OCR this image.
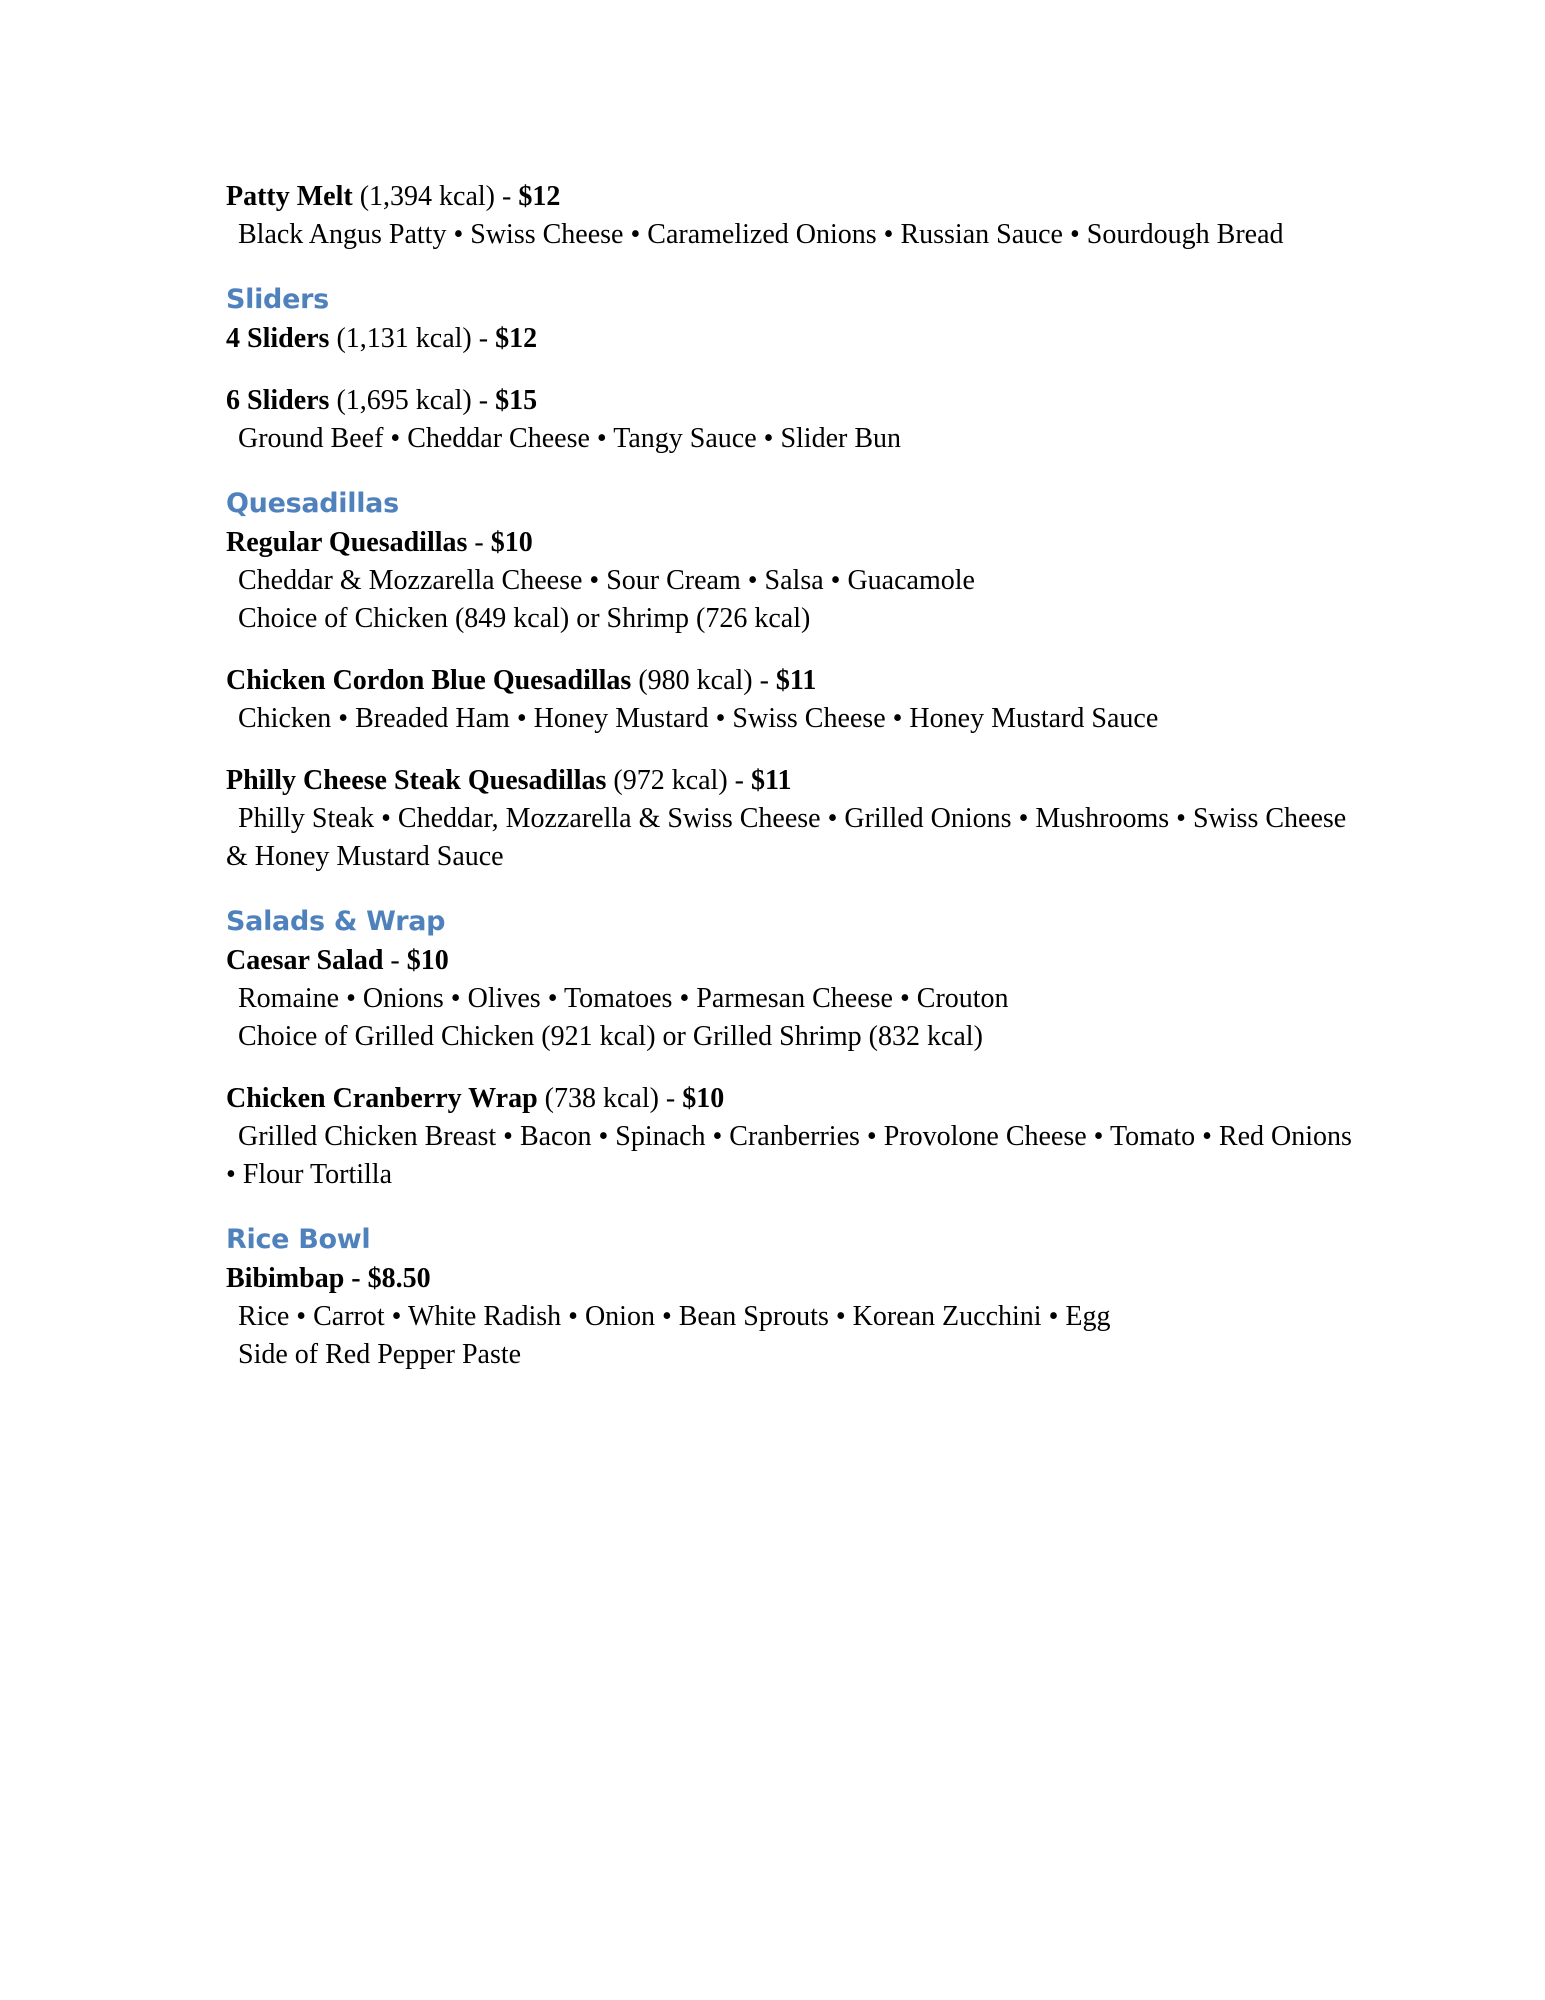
Patty Melt (1,394 kcal) - $12

Black Angus Patty • Swiss Cheese • Caramelized Onions • Russian Sauce • Sourdough Bread

Sliders

4 Sliders (1,131 kcal) - $12

6 Sliders (1,695 kcal) - $15

Ground Beef • Cheddar Cheese • Tangy Sauce • Slider Bun

Quesadillas

Regular Quesadillas - $10

Cheddar & Mozzarella Cheese • Sour Cream • Salsa • Guacamole

Choice of Chicken (849 kcal) or Shrimp (726 kcal)

Chicken Cordon Blue Quesadillas (980 kcal) - $11

Chicken • Breaded Ham • Honey Mustard • Swiss Cheese • Honey Mustard Sauce

Philly Cheese Steak Quesadillas (972 kcal) - $11

Philly Steak • Cheddar, Mozzarella & Swiss Cheese • Grilled Onions • Mushrooms • Swiss Cheese & Honey Mustard Sauce

Salads & Wrap

Caesar Salad - $10

Romaine • Onions • Olives • Tomatoes • Parmesan Cheese • Crouton

Choice of Grilled Chicken (921 kcal) or Grilled Shrimp (832 kcal)

Chicken Cranberry Wrap (738 kcal) - $10

Grilled Chicken Breast • Bacon • Spinach • Cranberries • Provolone Cheese • Tomato • Red Onions • Flour Tortilla

Rice Bowl

Bibimbap - $8.50

Rice • Carrot • White Radish • Onion • Bean Sprouts • Korean Zucchini • Egg

Side of Red Pepper Paste
